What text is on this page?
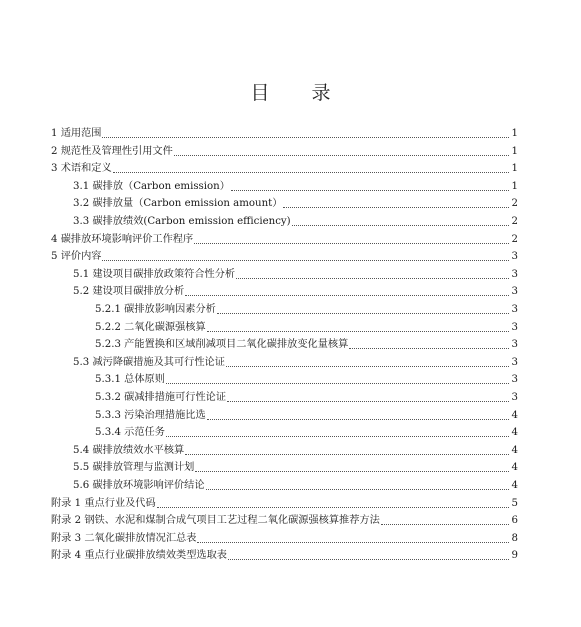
目 录
1 适用范围	1
2 规范性及管理性引用文件	1
3 术语和定义	1
3.1 碳排放（Carbon emission）	1
3.2 碳排放量（Carbon emission amount）	2
3.3 碳排放绩效(Carbon emission efficiency)	2
4 碳排放环境影响评价工作程序	2
5 评价内容	3
5.1 建设项目碳排放政策符合性分析	3
5.2 建设项目碳排放分析	3
5.2.1 碳排放影响因素分析	3
5.2.2 二氧化碳源强核算	3
5.2.3 产能置换和区域削减项目二氧化碳排放变化量核算	3
5.3 减污降碳措施及其可行性论证	3
5.3.1 总体原则	3
5.3.2 碳减排措施可行性论证	3
5.3.3 污染治理措施比选	4
5.3.4 示范任务	4
5.4 碳排放绩效水平核算	4
5.5 碳排放管理与监测计划	4
5.6 碳排放环境影响评价结论	4
附录 1 重点行业及代码	5
附录 2 钢铁、水泥和煤制合成气项目工艺过程二氧化碳源强核算推荐方法	6
附录 3 二氧化碳排放情况汇总表	8
附录 4 重点行业碳排放绩效类型选取表	9
